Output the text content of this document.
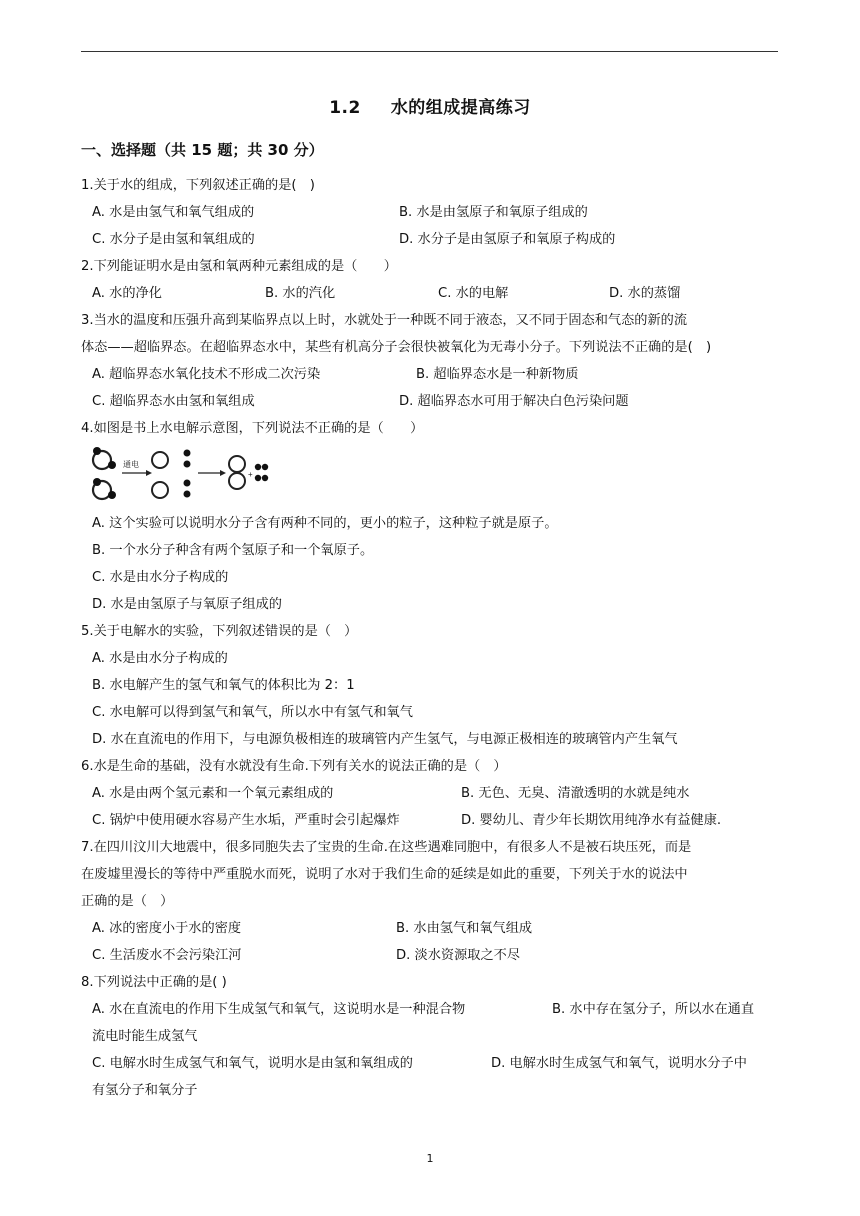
1.2 水的组成提高练习
一、选择题（共 15 题；共 30 分）
1.关于水的组成，下列叙述正确的是(　)
A. 水是由氢气和氧气组成的	B. 水是由氢原子和氧原子组成的
C. 水分子是由氢和氧组成的	D. 水分子是由氢原子和氧原子构成的
2.下列能证明水是由氢和氧两种元素组成的是（　　）
A. 水的净化	B. 水的汽化	C. 水的电解	D. 水的蒸馏
3.当水的温度和压强升高到某临界点以上时，水就处于一种既不同于液态，又不同于固态和气态的新的流
体态——超临界态。在超临界态水中，某些有机高分子会很快被氧化为无毒小分子。下列说法不正确的是(　)
A. 超临界态水氧化技术不形成二次污染	B. 超临界态水是一种新物质
C. 超临界态水由氢和氧组成	D. 超临界态水可用于解决白色污染问题
4.如图是书上水电解示意图，下列说法不正确的是（　　）
通电
+
A. 这个实验可以说明水分子含有两种不同的，更小的粒子，这种粒子就是原子。
B. 一个水分子种含有两个氢原子和一个氧原子。
C. 水是由水分子构成的
D. 水是由氢原子与氧原子组成的
5.关于电解水的实验，下列叙述错误的是（　）
A. 水是由水分子构成的
B. 水电解产生的氢气和氧气的体积比为 2：1
C. 水电解可以得到氢气和氧气，所以水中有氢气和氧气
D. 水在直流电的作用下，与电源负极相连的玻璃管内产生氢气，与电源正极相连的玻璃管内产生氧气
6.水是生命的基础，没有水就没有生命.下列有关水的说法正确的是（　）
A. 水是由两个氢元素和一个氧元素组成的	B. 无色、无臭、清澈透明的水就是纯水
C. 锅炉中使用硬水容易产生水垢，严重时会引起爆炸	D. 婴幼儿、青少年长期饮用纯净水有益健康.
7.在四川汶川大地震中，很多同胞失去了宝贵的生命.在这些遇难同胞中，有很多人不是被石块压死，而是
在废墟里漫长的等待中严重脱水而死，说明了水对于我们生命的延续是如此的重要，下列关于水的说法中
正确的是（　）
A. 冰的密度小于水的密度	B. 水由氢气和氧气组成
C. 生活废水不会污染江河	D. 淡水资源取之不尽
8.下列说法中正确的是( )
A. 水在直流电的作用下生成氢气和氧气，这说明水是一种混合物	B. 水中存在氢分子，所以水在通直
流电时能生成氢气
C. 电解水时生成氢气和氧气，说明水是由氢和氧组成的	D. 电解水时生成氢气和氧气，说明水分子中
有氢分子和氧分子
1
